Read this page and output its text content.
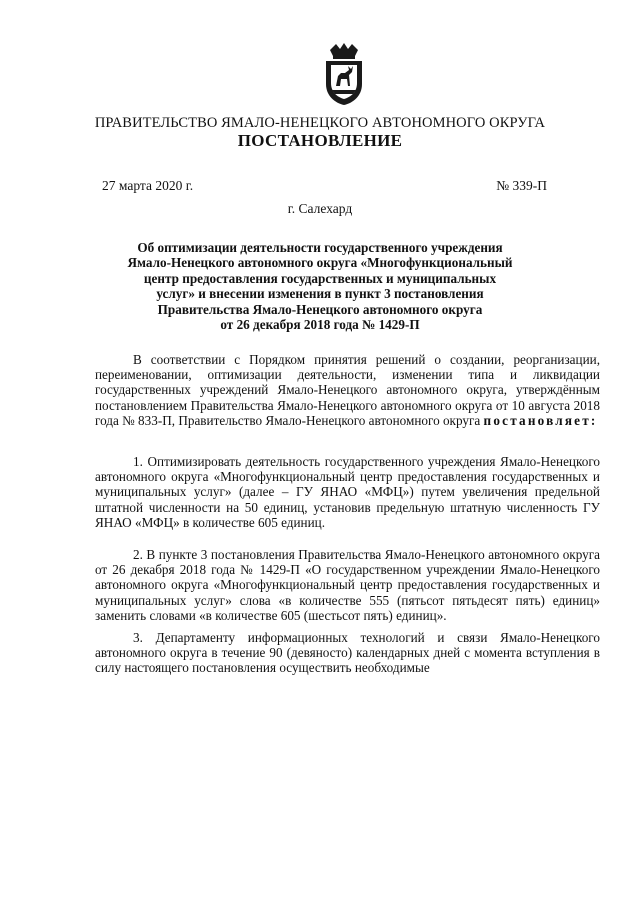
ПРАВИТЕЛЬСТВО ЯМАЛО-НЕНЕЦКОГО АВТОНОМНОГО ОКРУГА
ПОСТАНОВЛЕНИЕ
27 марта 2020 г.	№ 339-П
г. Салехард
Об оптимизации деятельности государственного учреждения
Ямало-Ненецкого автономного округа «Многофункциональный
центр предоставления государственных и муниципальных
услуг» и внесении изменения в пункт 3 постановления
Правительства Ямало-Ненецкого автономного округа
от 26 декабря 2018 года № 1429-П
В соответствии с Порядком принятия решений о создании, реорганизации, переименовании, оптимизации деятельности, изменении типа и ликвидации государственных учреждений Ямало-Ненецкого автономного округа, утверждённым постановлением Правительства Ямало-Ненецкого автономного округа от 10 августа 2018 года № 833-П, Правительство Ямало-Ненецкого автономного округа постановляет:
1. Оптимизировать деятельность государственного учреждения Ямало-Ненецкого автономного округа «Многофункциональный центр предоставления государственных и муниципальных услуг» (далее – ГУ ЯНАО «МФЦ») путем увеличения предельной штатной численности на 50 единиц, установив предельную штатную численность ГУ ЯНАО «МФЦ» в количестве 605 единиц.
2. В пункте 3 постановления Правительства Ямало-Ненецкого автономного округа от 26 декабря 2018 года № 1429-П «О государственном учреждении Ямало-Ненецкого автономного округа «Многофункциональный центр предоставления государственных и муниципальных услуг» слова «в количестве 555 (пятьсот пятьдесят пять) единиц» заменить словами «в количестве 605 (шестьсот пять) единиц».
3. Департаменту информационных технологий и связи Ямало-Ненецкого автономного округа в течение 90 (девяносто) календарных дней с момента вступления в силу настоящего постановления осуществить необходимые
